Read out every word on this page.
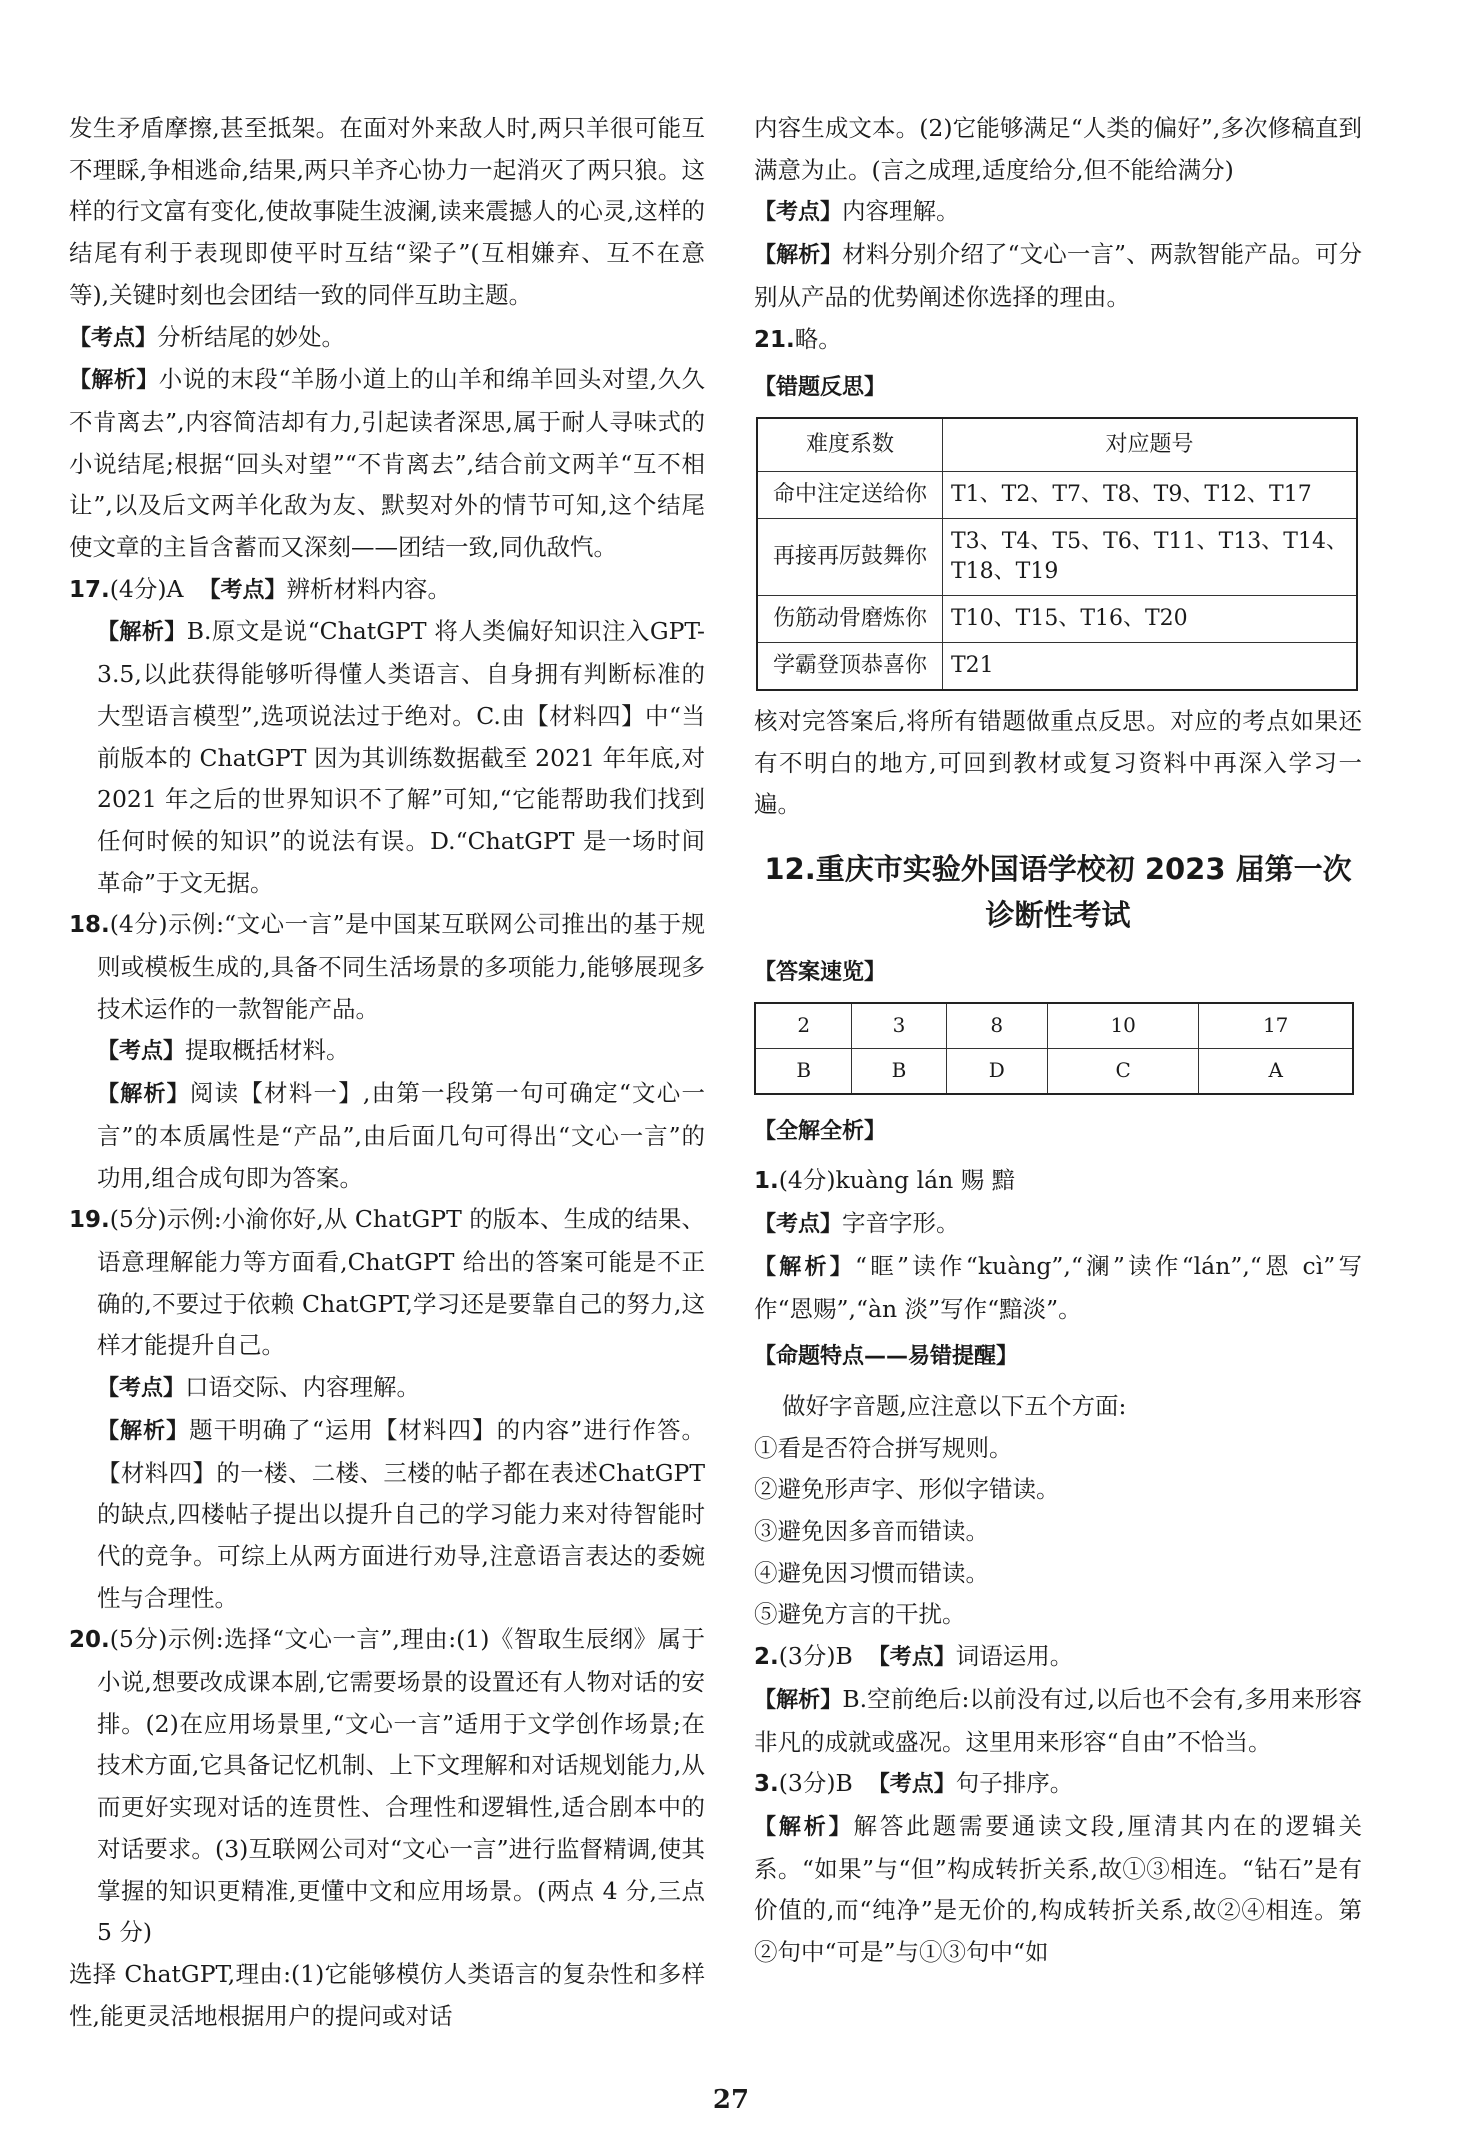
发生矛盾摩擦,甚至抵架。在面对外来敌人时,两只羊很可能互不理睬,争相逃命,结果,两只羊齐心协力一起消灭了两只狼。这样的行文富有变化,使故事陡生波澜,读来震撼人的心灵,这样的结尾有利于表现即使平时互结“梁子”(互相嫌弃、互不在意等),关键时刻也会团结一致的同伴互助主题。

【考点】分析结尾的妙处。

【解析】小说的末段“羊肠小道上的山羊和绵羊回头对望,久久不肯离去”,内容简洁却有力,引起读者深思,属于耐人寻味式的小说结尾;根据“回头对望”“不肯离去”,结合前文两羊“互不相让”,以及后文两羊化敌为友、默契对外的情节可知,这个结尾使文章的主旨含蓄而又深刻——团结一致,同仇敌忾。

17.(4分)A 【考点】辨析材料内容。

【解析】B.原文是说“ChatGPT 将人类偏好知识注入GPT-3.5,以此获得能够听得懂人类语言、自身拥有判断标准的大型语言模型”,选项说法过于绝对。C.由【材料四】中“当前版本的 ChatGPT 因为其训练数据截至 2021 年年底,对 2021 年之后的世界知识不了解”可知,“它能帮助我们找到任何时候的知识”的说法有误。D.“ChatGPT 是一场时间革命”于文无据。

18.(4分)示例:“文心一言”是中国某互联网公司推出的基于规则或模板生成的,具备不同生活场景的多项能力,能够展现多技术运作的一款智能产品。

【考点】提取概括材料。

【解析】阅读【材料一】,由第一段第一句可确定“文心一言”的本质属性是“产品”,由后面几句可得出“文心一言”的功用,组合成句即为答案。

19.(5分)示例:小渝你好,从 ChatGPT 的版本、生成的结果、语意理解能力等方面看,ChatGPT 给出的答案可能是不正确的,不要过于依赖 ChatGPT,学习还是要靠自己的努力,这样才能提升自己。

【考点】口语交际、内容理解。

【解析】题干明确了“运用【材料四】的内容”进行作答。【材料四】的一楼、二楼、三楼的帖子都在表述ChatGPT 的缺点,四楼帖子提出以提升自己的学习能力来对待智能时代的竞争。可综上从两方面进行劝导,注意语言表达的委婉性与合理性。

20.(5分)示例:选择“文心一言”,理由:(1)《智取生辰纲》属于小说,想要改成课本剧,它需要场景的设置还有人物对话的安排。(2)在应用场景里,“文心一言”适用于文学创作场景;在技术方面,它具备记忆机制、上下文理解和对话规划能力,从而更好实现对话的连贯性、合理性和逻辑性,适合剧本中的对话要求。(3)互联网公司对“文心一言”进行监督精调,使其掌握的知识更精准,更懂中文和应用场景。(两点 4 分,三点 5 分)

选择 ChatGPT,理由:(1)它能够模仿人类语言的复杂性和多样性,能更灵活地根据用户的提问或对话

内容生成文本。(2)它能够满足“人类的偏好”,多次修稿直到满意为止。(言之成理,适度给分,但不能给满分)

【考点】内容理解。

【解析】材料分别介绍了“文心一言”、两款智能产品。可分别从产品的优势阐述你选择的理由。

21.略。

【错题反思】
难度系数	对应题号
命中注定送给你	T1、T2、T7、T8、T9、T12、T17
再接再厉鼓舞你	T3、T4、T5、T6、T11、T13、T14、T18、T19
伤筋动骨磨炼你	T10、T15、T16、T20
学霸登顶恭喜你	T21

核对完答案后,将所有错题做重点反思。对应的考点如果还有不明白的地方,可回到教材或复习资料中再深入学习一遍。

12.重庆市实验外国语学校初 2023 届第一次
诊断性考试
【答案速览】
2	3	8	10	17
B	B	D	C	A
【全解全析】

1.(4分)kuàng lán 赐 黯

【考点】字音字形。

【解析】“眶”读作“kuàng”,“澜”读作“lán”,“恩 cì”写作“恩赐”,“àn 淡”写作“黯淡”。

【命题特点——易错提醒】

做好字音题,应注意以下五个方面:

①看是否符合拼写规则。

②避免形声字、形似字错读。

③避免因多音而错读。

④避免因习惯而错读。

⑤避免方言的干扰。

2.(3分)B 【考点】词语运用。

【解析】B.空前绝后:以前没有过,以后也不会有,多用来形容非凡的成就或盛况。这里用来形容“自由”不恰当。

3.(3分)B 【考点】句子排序。

【解析】解答此题需要通读文段,厘清其内在的逻辑关系。“如果”与“但”构成转折关系,故①③相连。“钻石”是有价值的,而“纯净”是无价的,构成转折关系,故②④相连。第②句中“可是”与①③句中“如

27
